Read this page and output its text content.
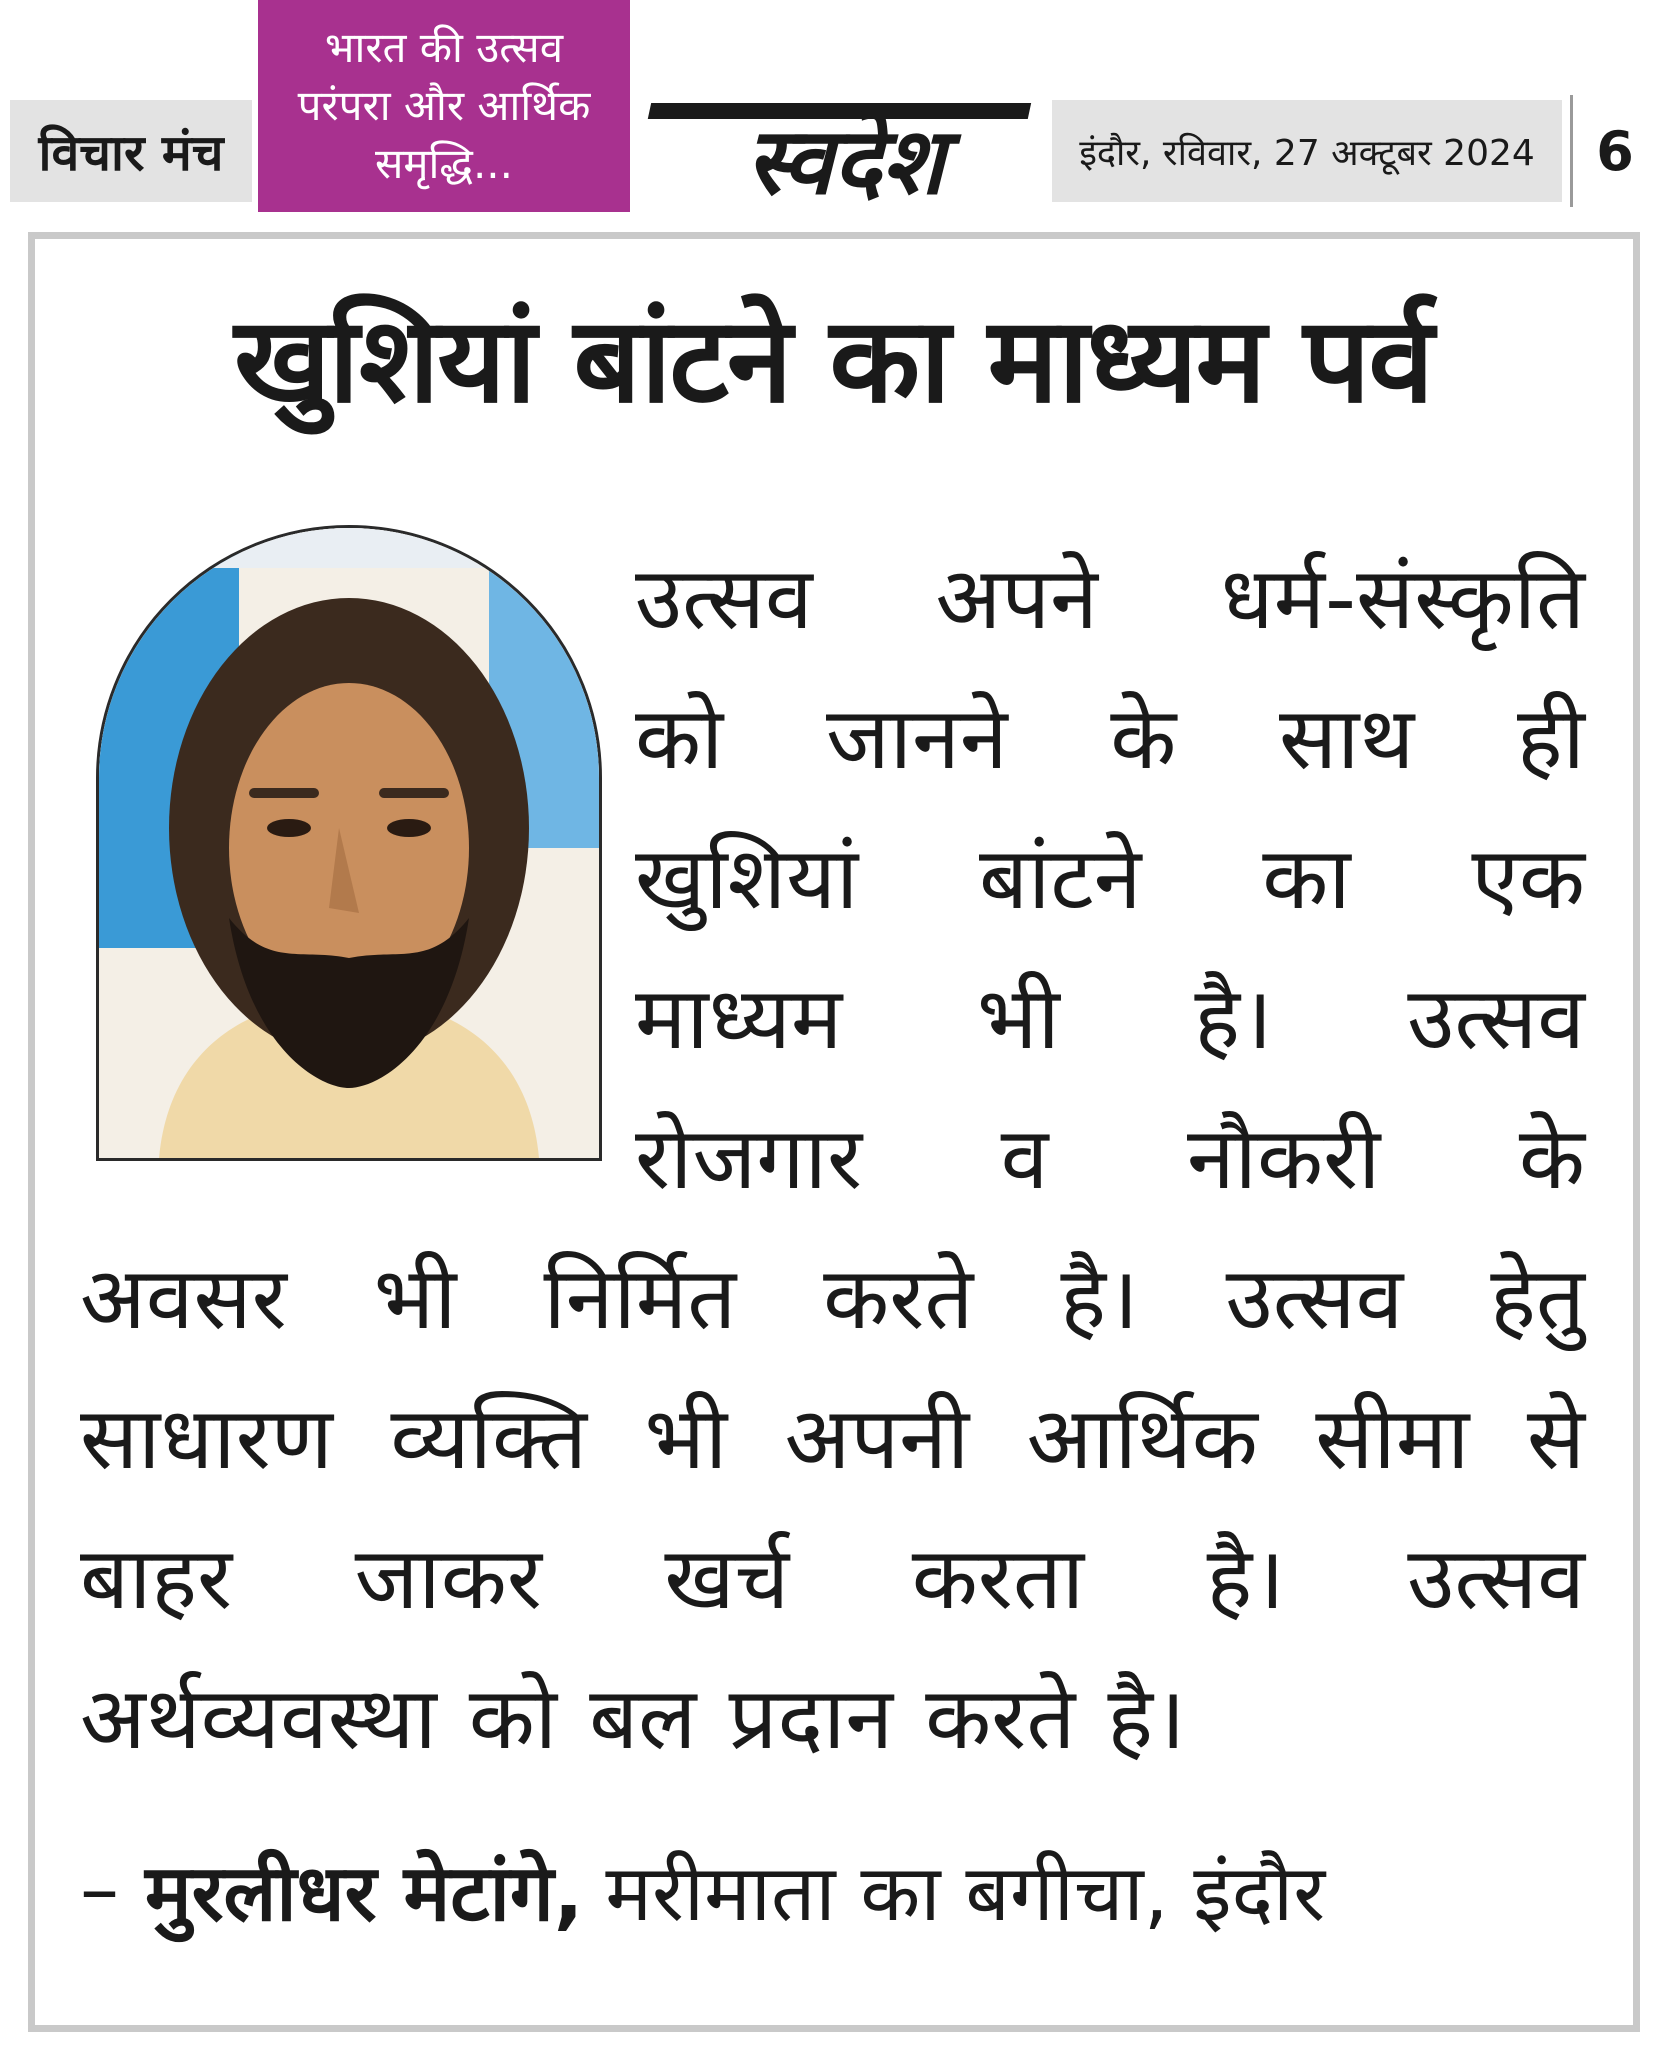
विचार मंच
भारत की उत्सव
परंपरा और आर्थिक
समृद्धि...	स्वदेश	इंदौर, रविवार, 27 अक्टूबर 2024	6
खुशियां बांटने का माध्यम पर्व
उत्सव अपने धर्म-संस्कृति
को जानने के साथ ही
खुशियां बांटने का एक
माध्यम भी है। उत्सव
रोजगार व नौकरी के
अवसर भी निर्मित करते है। उत्सव हेतु
साधारण व्यक्ति भी अपनी आर्थिक सीमा से
बाहर जाकर खर्च करता है। उत्सव
अर्थव्यवस्था को बल प्रदान करते है।
– मुरलीधर मेटांगे, मरीमाता का बगीचा, इंदौर
